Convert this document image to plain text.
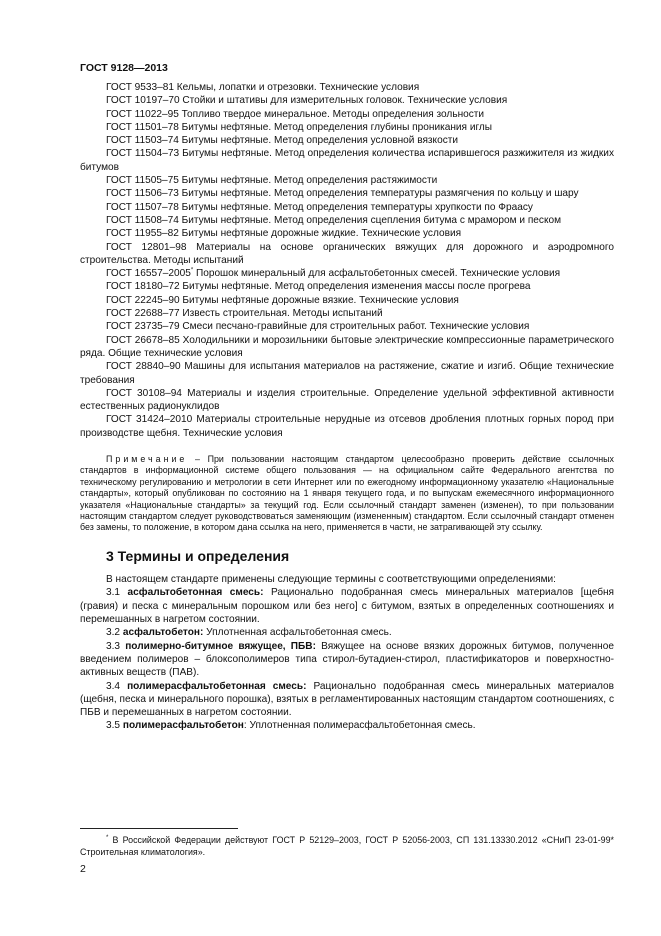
ГОСТ 9128—2013

ГОСТ 9533–81 Кельмы, лопатки и отрезовки. Технические условия

ГОСТ 10197–70 Стойки и штативы для измерительных головок. Технические условия

ГОСТ 11022–95 Топливо твердое минеральное. Методы определения зольности

ГОСТ 11501–78 Битумы нефтяные. Метод определения глубины проникания иглы

ГОСТ 11503–74 Битумы нефтяные. Метод определения условной вязкости

ГОСТ 11504–73 Битумы нефтяные. Метод определения количества испарившегося разжижителя из жидких битумов

ГОСТ 11505–75 Битумы нефтяные. Метод определения растяжимости

ГОСТ 11506–73 Битумы нефтяные. Метод определения температуры размягчения по кольцу и шару

ГОСТ 11507–78 Битумы нефтяные. Метод определения температуры хрупкости по Фраасу

ГОСТ 11508–74 Битумы нефтяные. Метод определения сцепления битума с мрамором и песком

ГОСТ 11955–82 Битумы нефтяные дорожные жидкие. Технические условия

ГОСТ 12801–98 Материалы на основе органических вяжущих для дорожного и аэродромного строительства. Методы испытаний

ГОСТ 16557–2005* Порошок минеральный для асфальтобетонных смесей. Технические условия

ГОСТ 18180–72 Битумы нефтяные. Метод определения изменения массы после прогрева

ГОСТ 22245–90 Битумы нефтяные дорожные вязкие. Технические условия

ГОСТ 22688–77 Известь строительная. Методы испытаний

ГОСТ 23735–79 Смеси песчано-гравийные для строительных работ. Технические условия

ГОСТ 26678–85 Холодильники и морозильники бытовые электрические компрессионные параметрического ряда. Общие технические условия

ГОСТ 28840–90 Машины для испытания материалов на растяжение, сжатие и изгиб. Общие технические требования

ГОСТ 30108–94 Материалы и изделия строительные. Определение удельной эффективной активности естественных радионуклидов

ГОСТ 31424–2010 Материалы строительные нерудные из отсевов дробления плотных горных пород при производстве щебня. Технические условия

Примечание – При пользовании настоящим стандартом целесообразно проверить действие ссылочных стандартов в информационной системе общего пользования — на официальном сайте Федерального агентства по техническому регулированию и метрологии в сети Интернет или по ежегодному информационному указателю «Национальные стандарты», который опубликован по состоянию на 1 января текущего года, и по выпускам ежемесячного информационного указателя «Национальные стандарты» за текущий год. Если ссылочный стандарт заменен (изменен), то при пользовании настоящим стандартом следует руководствоваться заменяющим (измененным) стандартом. Если ссылочный стандарт отменен без замены, то положение, в котором дана ссылка на него, применяется в части, не затрагивающей эту ссылку.
3 Термины и определения

В настоящем стандарте применены следующие термины с соответствующими определениями:

3.1 асфальтобетонная смесь: Рационально подобранная смесь минеральных материалов [щебня (гравия) и песка с минеральным порошком или без него] с битумом, взятых в определенных соотношениях и перемешанных в нагретом состоянии.

3.2 асфальтобетон: Уплотненная асфальтобетонная смесь.

3.3 полимерно-битумное вяжущее, ПБВ: Вяжущее на основе вязких дорожных битумов, полученное введением полимеров – блоксополимеров типа стирол-бутадиен-стирол, пластификаторов и поверхностно-активных веществ (ПАВ).

3.4 полимерасфальтобетонная смесь: Рационально подобранная смесь минеральных материалов (щебня, песка и минерального порошка), взятых в регламентированных настоящим стандартом соотношениях, с ПБВ и перемешанных в нагретом состоянии.

3.5 полимерасфальтобетон: Уплотненная полимерасфальтобетонная смесь.

* В Российской Федерации действуют ГОСТ Р 52129–2003, ГОСТ Р 52056-2003, СП 131.13330.2012 «СНиП 23-01-99* Строительная климатология».
2
